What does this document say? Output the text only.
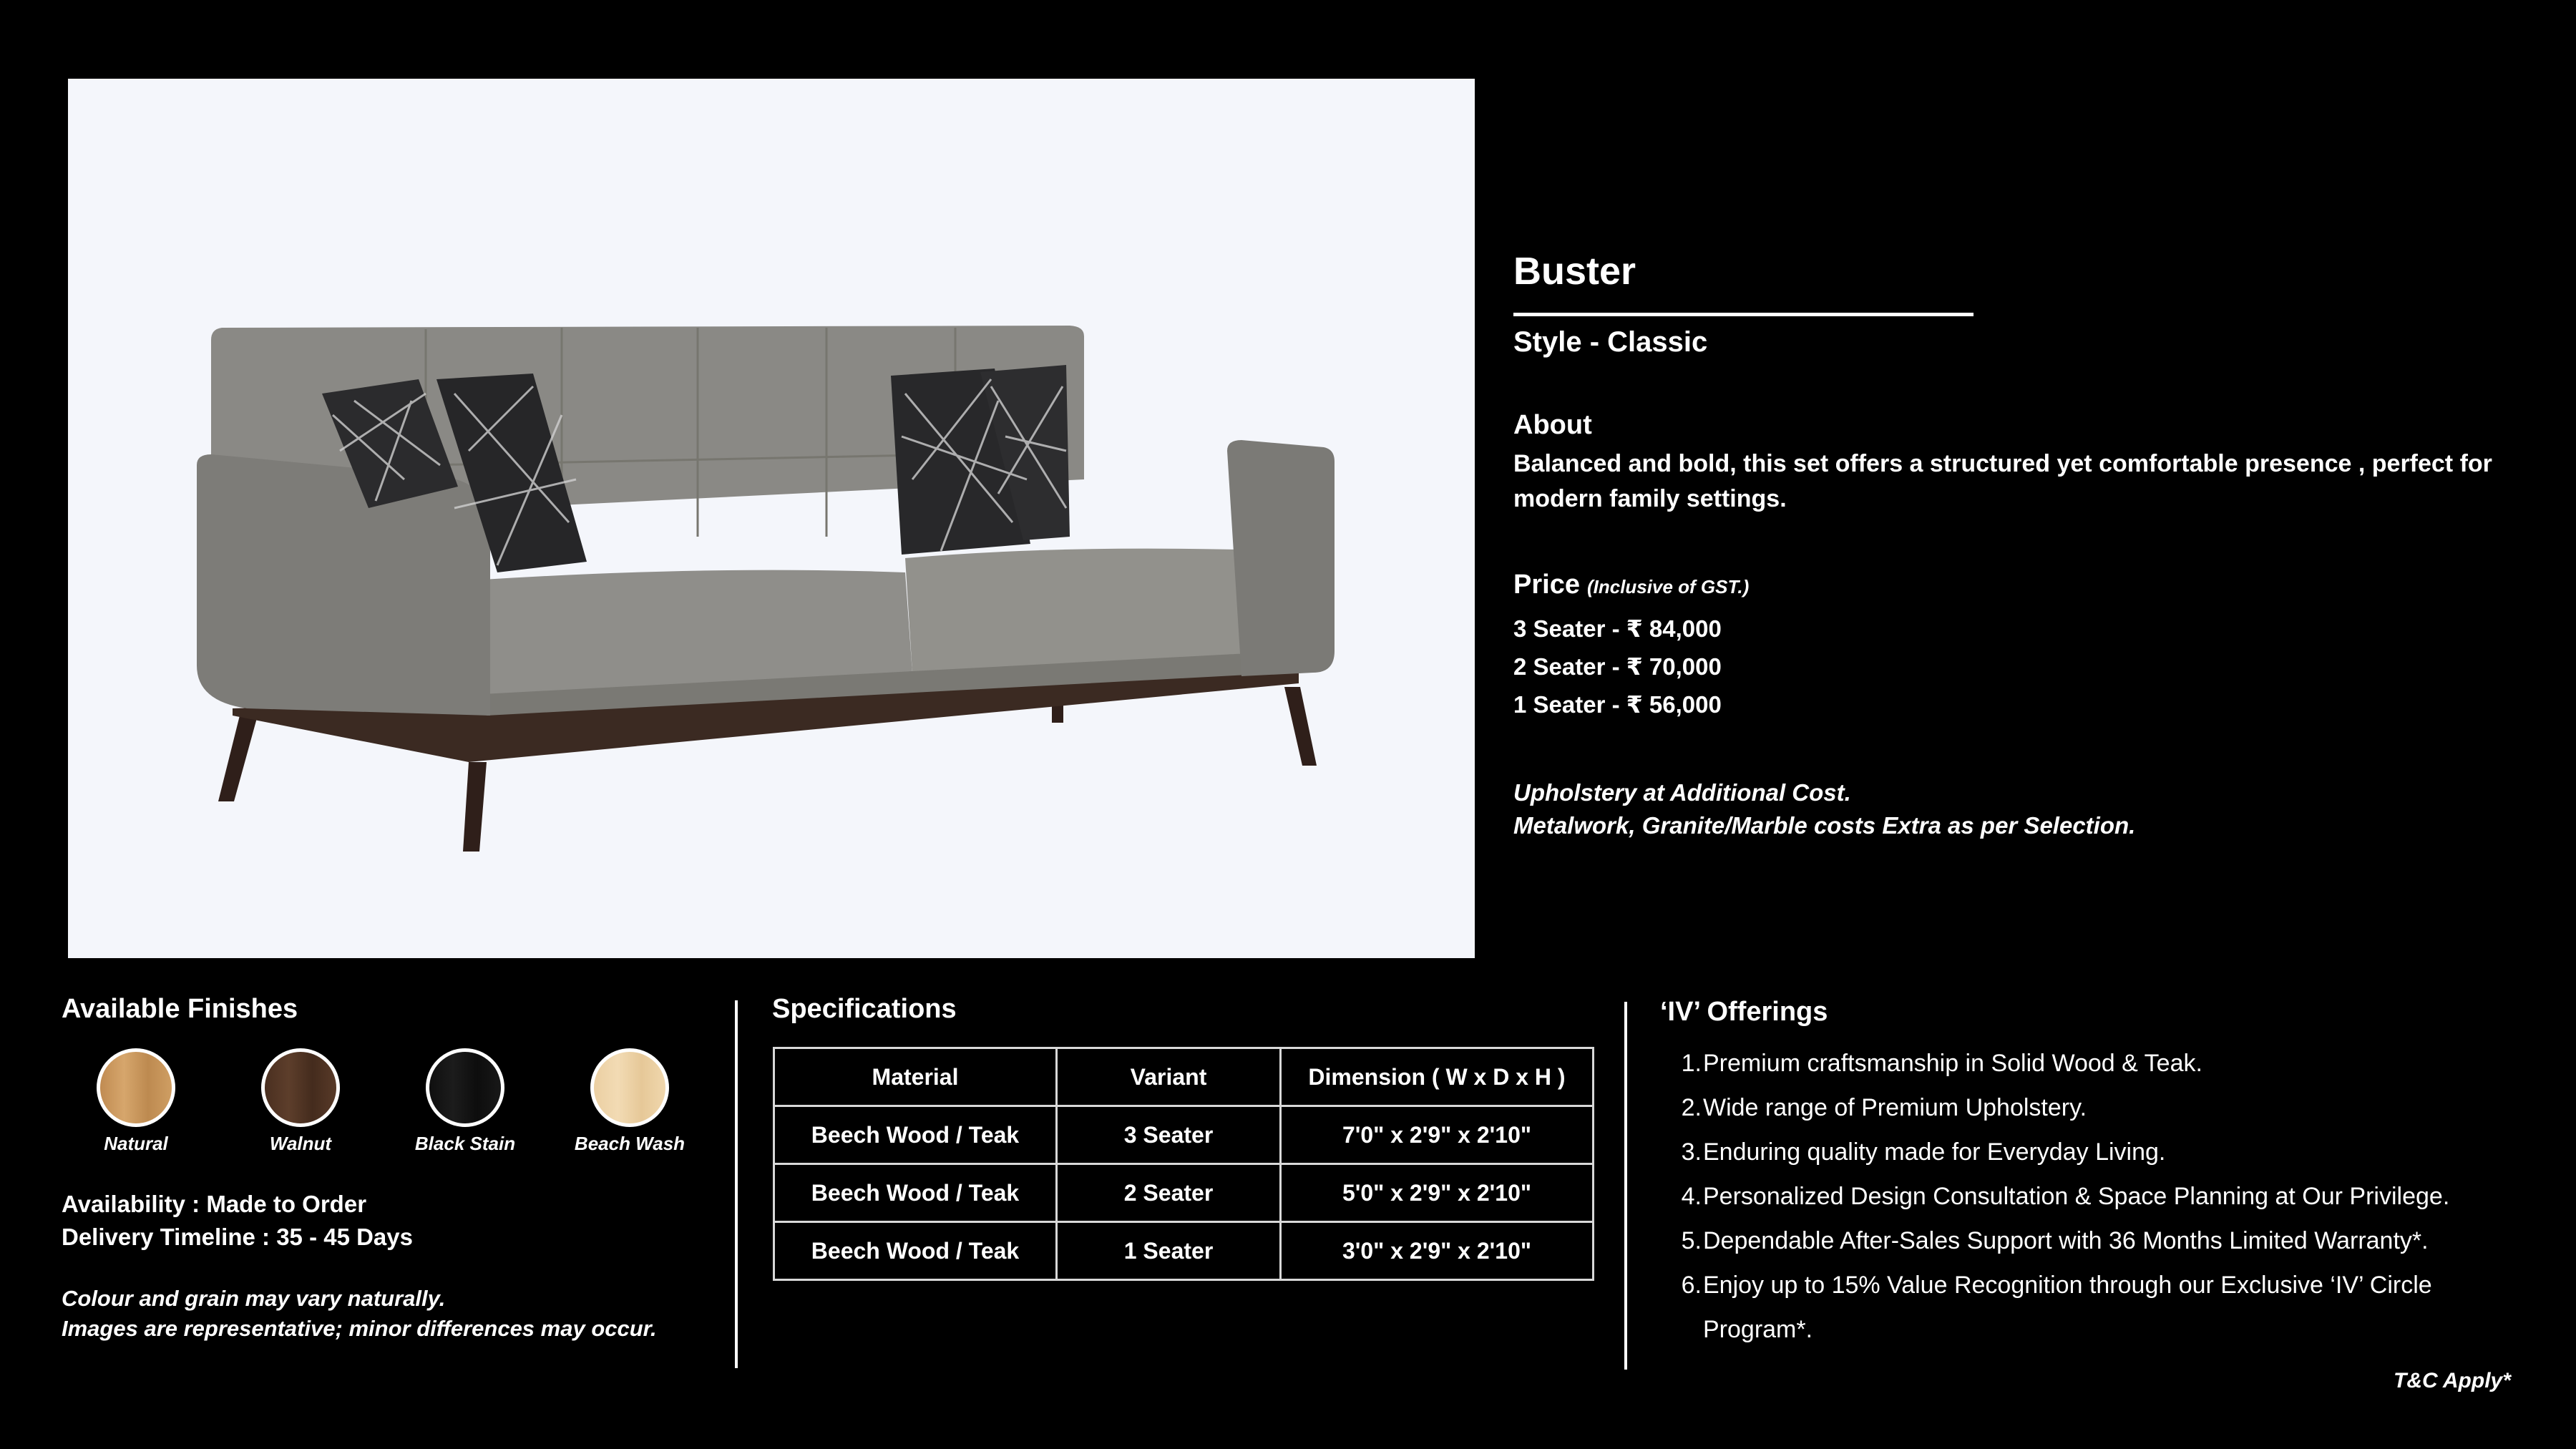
Buster
Style - Classic
About
Balanced and bold, this set offers a structured yet comfortable presence , perfect for modern family settings.
Price (Inclusive of GST.)
3 Seater - ₹ 84,000
2 Seater - ₹ 70,000
1 Seater - ₹ 56,000
Upholstery at Additional Cost.
Metalwork, Granite/Marble costs Extra as per Selection.
Available Finishes
Natural	Walnut	Black Stain	Beach Wash
Availability : Made to Order
Delivery Timeline : 35 - 45 Days
Colour and grain may vary naturally.
Images are representative; minor differences may occur.
Specifications
Material	Variant	Dimension ( W x D x H )
Beech Wood / Teak	3 Seater	7'0" x 2'9" x 2'10"
Beech Wood / Teak	2 Seater	5'0" x 2'9" x 2'10"
Beech Wood / Teak	1 Seater	3'0" x 2'9" x 2'10"
‘IV’ Offerings
1. Premium craftsmanship in Solid Wood & Teak.
2. Wide range of Premium Upholstery.
3. Enduring quality made for Everyday Living.
4. Personalized Design Consultation & Space Planning at Our Privilege.
5. Dependable After-Sales Support with 36 Months Limited Warranty*.
6. Enjoy up to 15% Value Recognition through our Exclusive ‘IV’ Circle Program*.
T&C Apply*
